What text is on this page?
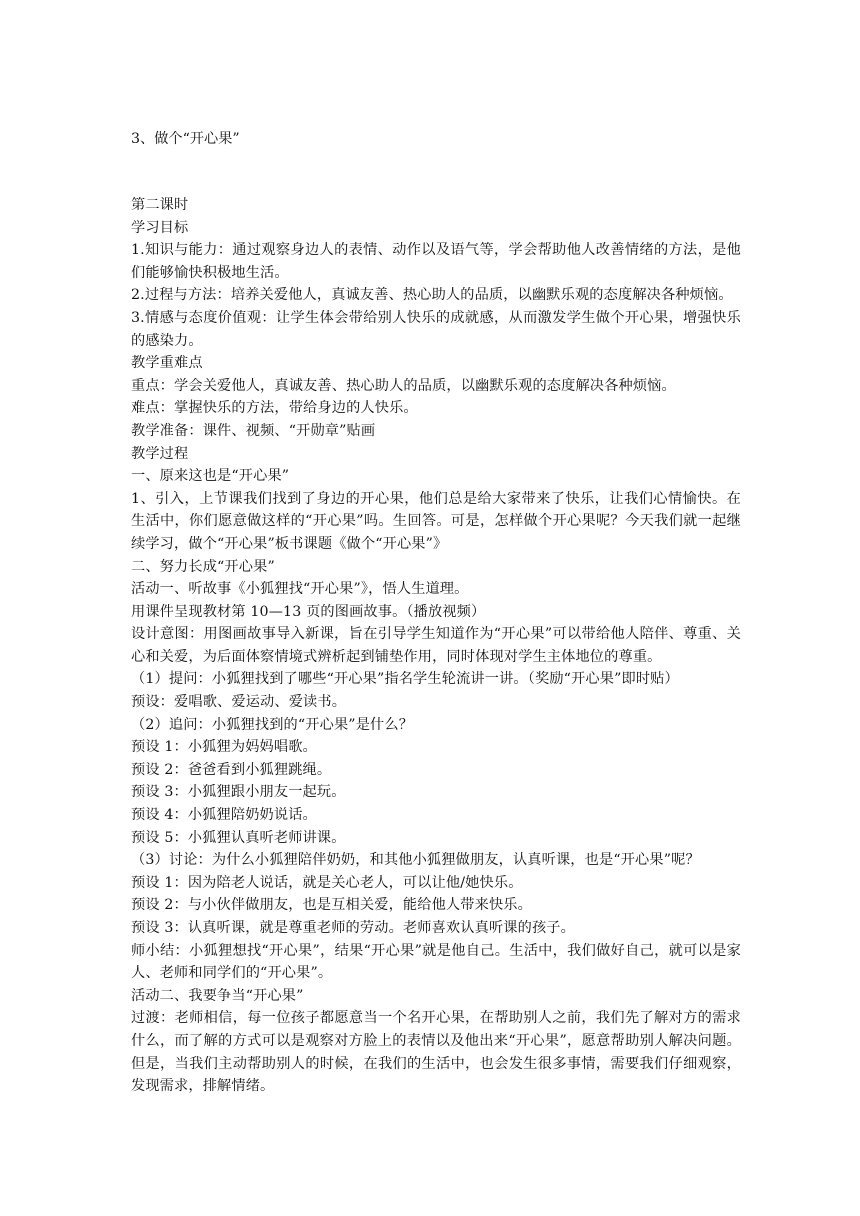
3、做个“开心果”

第二课时

学习目标

1.知识与能力：通过观察身边人的表情、动作以及语气等，学会帮助他人改善情绪的方法，是他们能够愉快积极地生活。

2.过程与方法：培养关爱他人，真诚友善、热心助人的品质，以幽默乐观的态度解决各种烦恼。

3.情感与态度价值观：让学生体会带给别人快乐的成就感，从而激发学生做个开心果，增强快乐的感染力。

教学重难点

重点：学会关爱他人，真诚友善、热心助人的品质，以幽默乐观的态度解决各种烦恼。

难点：掌握快乐的方法，带给身边的人快乐。

教学准备：课件、视频、“开勋章”贴画

教学过程

一、原来这也是“开心果”

1、引入，上节课我们找到了身边的开心果，他们总是给大家带来了快乐，让我们心情愉快。在生活中，你们愿意做这样的“开心果”吗。生回答。可是，怎样做个开心果呢？今天我们就一起继续学习，做个“开心果”板书课题《做个“开心果”》

二、努力长成“开心果”

活动一、听故事《小狐狸找“开心果”》，悟人生道理。

用课件呈现教材第 10—13 页的图画故事。（播放视频）

设计意图：用图画故事导入新课，旨在引导学生知道作为“开心果”可以带给他人陪伴、尊重、关心和关爱，为后面体察情境式辨析起到铺垫作用，同时体现对学生主体地位的尊重。

（1）提问：小狐狸找到了哪些“开心果”指名学生轮流讲一讲。（奖励“开心果”即时贴）

预设：爱唱歌、爱运动、爱读书。

（2）追问：小狐狸找到的“开心果”是什么？

预设 1：小狐狸为妈妈唱歌。

预设 2：爸爸看到小狐狸跳绳。

预设 3：小狐狸跟小朋友一起玩。

预设 4：小狐狸陪奶奶说话。

预设 5：小狐狸认真听老师讲课。

（3）讨论：为什么小狐狸陪伴奶奶，和其他小狐狸做朋友，认真听课，也是“开心果”呢？

预设 1：因为陪老人说话，就是关心老人，可以让他/她快乐。

预设 2：与小伙伴做朋友，也是互相关爱，能给他人带来快乐。

预设 3：认真听课，就是尊重老师的劳动。老师喜欢认真听课的孩子。

师小结：小狐狸想找“开心果”，结果“开心果”就是他自己。生活中，我们做好自己，就可以是家人、老师和同学们的“开心果”。

活动二、我要争当“开心果”

过渡：老师相信，每一位孩子都愿意当一个名开心果，在帮助别人之前，我们先了解对方的需求什么，而了解的方式可以是观察对方脸上的表情以及他出来“开心果”，愿意帮助别人解决问题。但是，当我们主动帮助别人的时候，在我们的生活中，也会发生很多事情，需要我们仔细观察，发现需求，排解情绪。
